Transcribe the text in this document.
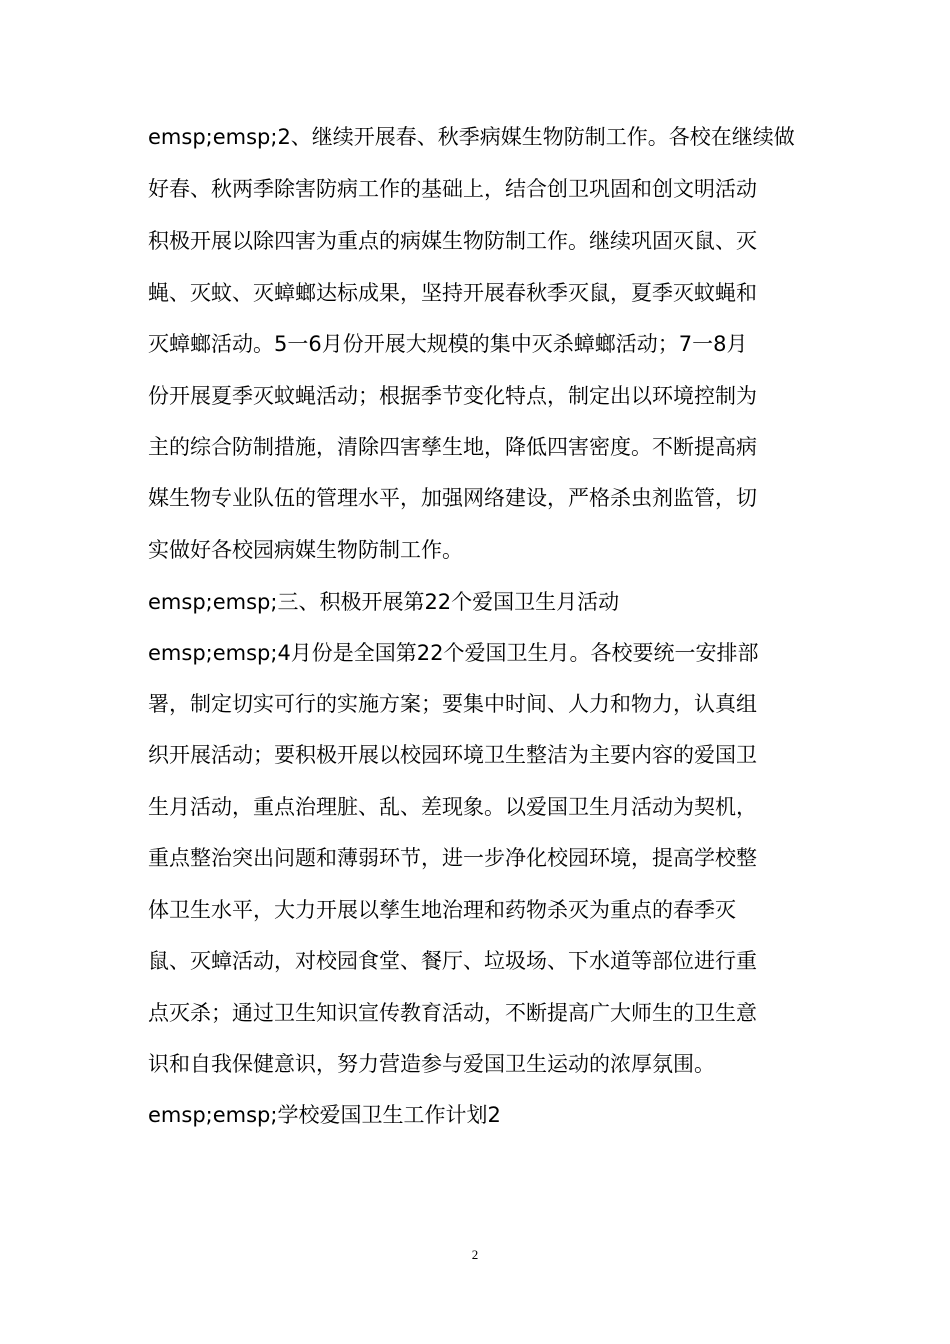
emsp;emsp;2、继续开展春、秋季病媒生物防制工作。各校在继续做
好春、秋两季除害防病工作的基础上，结合创卫巩固和创文明活动
积极开展以除四害为重点的病媒生物防制工作。继续巩固灭鼠、灭
蝇、灭蚊、灭蟑螂达标成果，坚持开展春秋季灭鼠，夏季灭蚊蝇和
灭蟑螂活动。5一6月份开展大规模的集中灭杀蟑螂活动；7一8月
份开展夏季灭蚊蝇活动；根据季节变化特点，制定出以环境控制为
主的综合防制措施，清除四害孳生地，降低四害密度。不断提高病
媒生物专业队伍的管理水平，加强网络建设，严格杀虫剂监管，切
实做好各校园病媒生物防制工作。
emsp;emsp;三、积极开展第22个爱国卫生月活动
emsp;emsp;4月份是全国第22个爱国卫生月。各校要统一安排部
署，制定切实可行的实施方案；要集中时间、人力和物力，认真组
织开展活动；要积极开展以校园环境卫生整洁为主要内容的爱国卫
生月活动，重点治理脏、乱、差现象。以爱国卫生月活动为契机，
重点整治突出问题和薄弱环节，进一步净化校园环境，提高学校整
体卫生水平，大力开展以孳生地治理和药物杀灭为重点的春季灭
鼠、灭蟑活动，对校园食堂、餐厅、垃圾场、下水道等部位进行重
点灭杀；通过卫生知识宣传教育活动，不断提高广大师生的卫生意
识和自我保健意识，努力营造参与爱国卫生运动的浓厚氛围。
emsp;emsp;学校爱国卫生工作计划2
2
